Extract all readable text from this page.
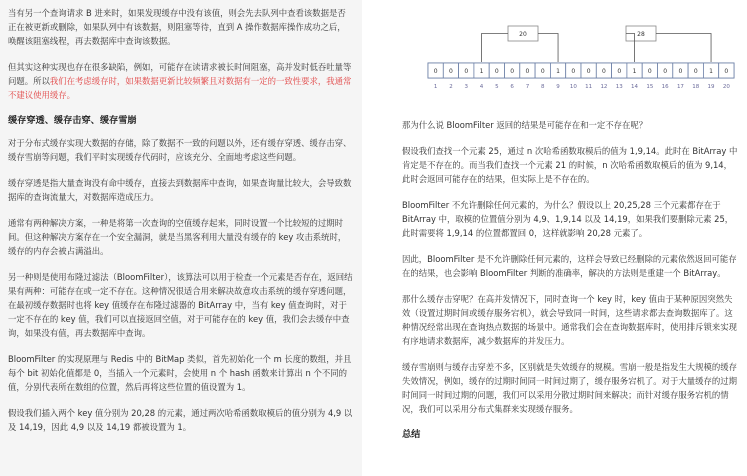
当有另一个查询请求 B 进来时，如果发现缓存中没有该值，则会先去队列中查看该数据是否正在被更新或删除，如果队列中有该数据，则阻塞等待，直到 A 操作数据库操作成功之后，唤醒该阻塞线程，再去数据库中查询该数据。

但其实这种实现也存在很多缺陷，例如，可能存在读请求被长时间阻塞，高并发时低吞吐量等问题。所以我们在考虑缓存时，如果数据更新比较频繁且对数据有一定的一致性要求，我通常不建议使用缓存。

缓存穿透、缓存击穿、缓存雪崩

对于分布式缓存实现大数据的存储，除了数据不一致的问题以外，还有缓存穿透、缓存击穿、缓存雪崩等问题，我们平时实现缓存代码时，应该充分、全面地考虑这些问题。

缓存穿透是指大量查询没有命中缓存，直接去到数据库中查询，如果查询量比较大，会导致数据库的查询流量大，对数据库造成压力。

通常有两种解决方案，一种是将第一次查询的空值缓存起来，同时设置一个比较短的过期时间。但这种解决方案存在一个安全漏洞，就是当黑客利用大量没有缓存的 key 攻击系统时，缓存的内存会被占满溢出。

另一种则是使用布隆过滤法（BloomFilter），该算法可以用于检查一个元素是否存在，返回结果有两种：可能存在或一定不存在。这种情况很适合用来解决故意攻击系统的缓存穿透问题，在最初缓存数据时也将 key 值缓存在布隆过滤器的 BitArray 中，当有 key 值查询时，对于一定不存在的 key 值，我们可以直接返回空值，对于可能存在的 key 值，我们会去缓存中查询，如果没有值，再去数据库中查询。

BloomFilter 的实现原理与 Redis 中的 BitMap 类似，首先初始化一个 m 长度的数组，并且每个 bit 初始化值都是 0，当插入一个元素时，会使用 n 个 hash 函数来计算出 n 个不同的值，分别代表所在数组的位置，然后再将这些位置的值设置为 1。

假设我们插入两个 key 值分别为 20,28 的元素，通过两次哈希函数取模后的值分别为 4,9 以及 14,19，因此 4,9 以及 14,19 都被设置为 1。

0
1
0
2
0
3
1
4
0
5
0
6
0
7
0
8
1
9
0
10
0
11
0
12
0
13
1
14
0
15
0
16
0
17
0
18
1
19
0
20
20	28

那为什么说 BloomFilter 返回的结果是可能存在和一定不存在呢？

假设我们查找一个元素 25，通过 n 次哈希函数取模后的值为 1,9,14。此时在 BitArray 中肯定是不存在的。而当我们查找一个元素 21 的时候，n 次哈希函数取模后的值为 9,14，此时会返回可能存在的结果，但实际上是不存在的。

BloomFilter 不允许删除任何元素的，为什么？假设以上 20,25,28 三个元素都存在于 BitArray 中，取模的位置值分别为 4,9、1,9,14 以及 14,19，如果我们要删除元素 25，此时需要将 1,9,14 的位置都置回 0，这样就影响 20,28 元素了。

因此，BloomFilter 是不允许删除任何元素的，这样会导致已经删除的元素依然返回可能存在的结果，也会影响 BloomFilter 判断的准确率，解决的方法则是重建一个 BitArray。

那什么缓存击穿呢？在高并发情况下，同时查询一个 key 时，key 值由于某种原因突然失效（设置过期时间或缓存服务宕机），就会导致同一时间，这些请求都去查询数据库了。这种情况经常出现在查询热点数据的场景中。通常我们会在查询数据库时，使用排斥锁来实现有序地请求数据库，减少数据库的并发压力。

缓存雪崩则与缓存击穿差不多，区别就是失效缓存的规模。雪崩一般是指发生大规模的缓存失效情况，例如，缓存的过期时间同一时间过期了，缓存服务宕机了。对于大量缓存的过期时间同一时间过期的问题，我们可以采用分散过期时间来解决；而针对缓存服务宕机的情况，我们可以采用分布式集群来实现缓存服务。

总结
